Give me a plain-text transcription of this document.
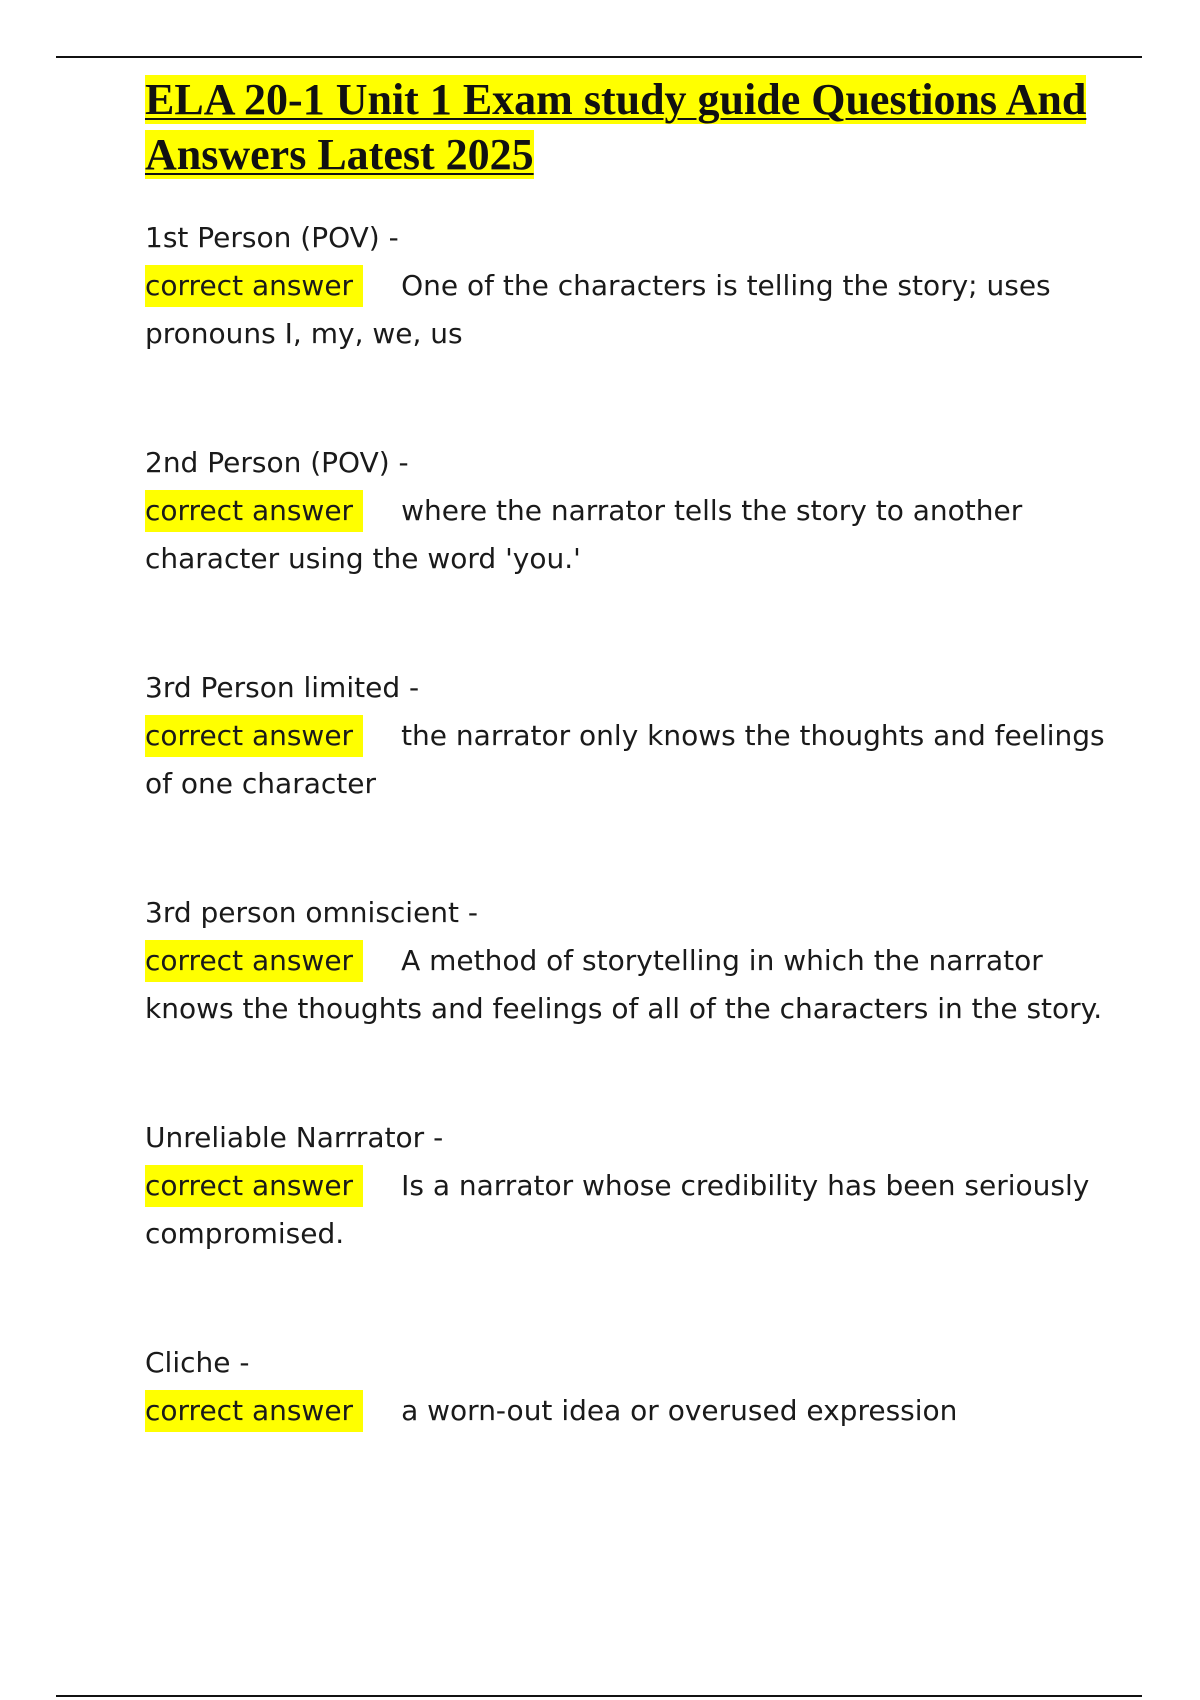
ELA 20-1 Unit 1 Exam study guide Questions And Answers Latest 2025
1st Person (POV) -
correct answer One of the characters is telling the story; uses pronouns I, my, we, us
2nd Person (POV) -
correct answer where the narrator tells the story to another character using the word 'you.'
3rd Person limited -
correct answer the narrator only knows the thoughts and feelings of one character
3rd person omniscient -
correct answer A method of storytelling in which the narrator knows the thoughts and feelings of all of the characters in the story.
Unreliable Narrrator -
correct answer Is a narrator whose credibility has been seriously compromised.
Cliche -
correct answer a worn-out idea or overused expression
